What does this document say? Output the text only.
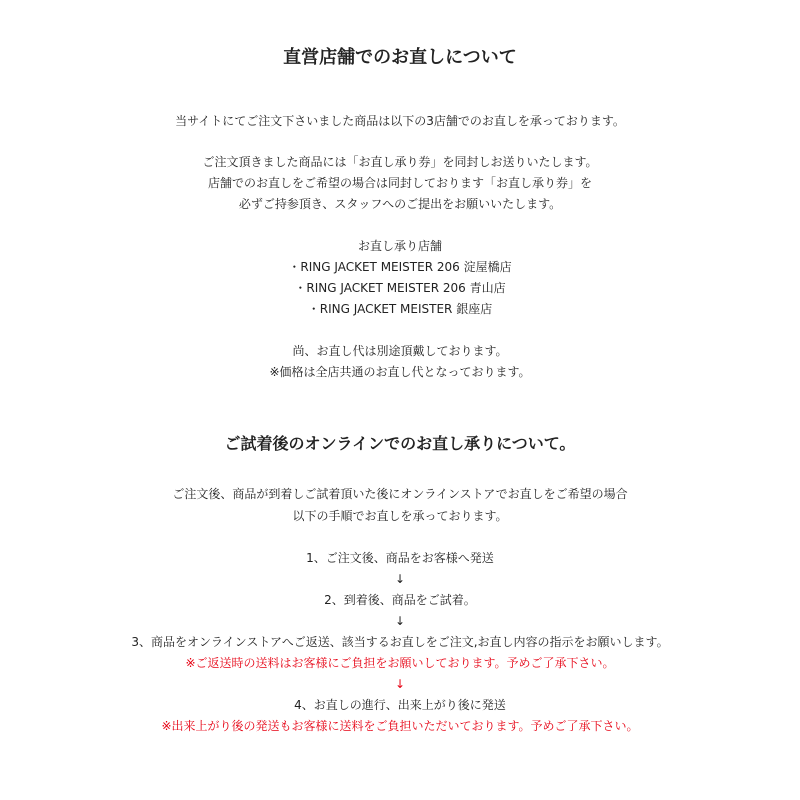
直営店舗でのお直しについて
当サイトにてご注文下さいました商品は以下の3店舗でのお直しを承っております。
ご注文頂きました商品には「お直し承り券」を同封しお送りいたします。
店舗でのお直しをご希望の場合は同封しております「お直し承り券」を
必ずご持参頂き、スタッフへのご提出をお願いいたします。
お直し承り店舗
・RING JACKET MEISTER 206 淀屋橋店
・RING JACKET MEISTER 206 青山店
・RING JACKET MEISTER 銀座店
尚、お直し代は別途頂戴しております。
※価格は全店共通のお直し代となっております。
ご試着後のオンラインでのお直し承りについて。
ご注文後、商品が到着しご試着頂いた後にオンラインストアでお直しをご希望の場合
以下の手順でお直しを承っております。
1、ご注文後、商品をお客様へ発送
↓
2、到着後、商品をご試着。
↓
3、商品をオンラインストアへご返送、該当するお直しをご注文,お直し内容の指示をお願いします。
※ご返送時の送料はお客様にご負担をお願いしております。予めご了承下さい。
↓
4、お直しの進行、出来上がり後に発送
※出来上がり後の発送もお客様に送料をご負担いただいております。予めご了承下さい。
